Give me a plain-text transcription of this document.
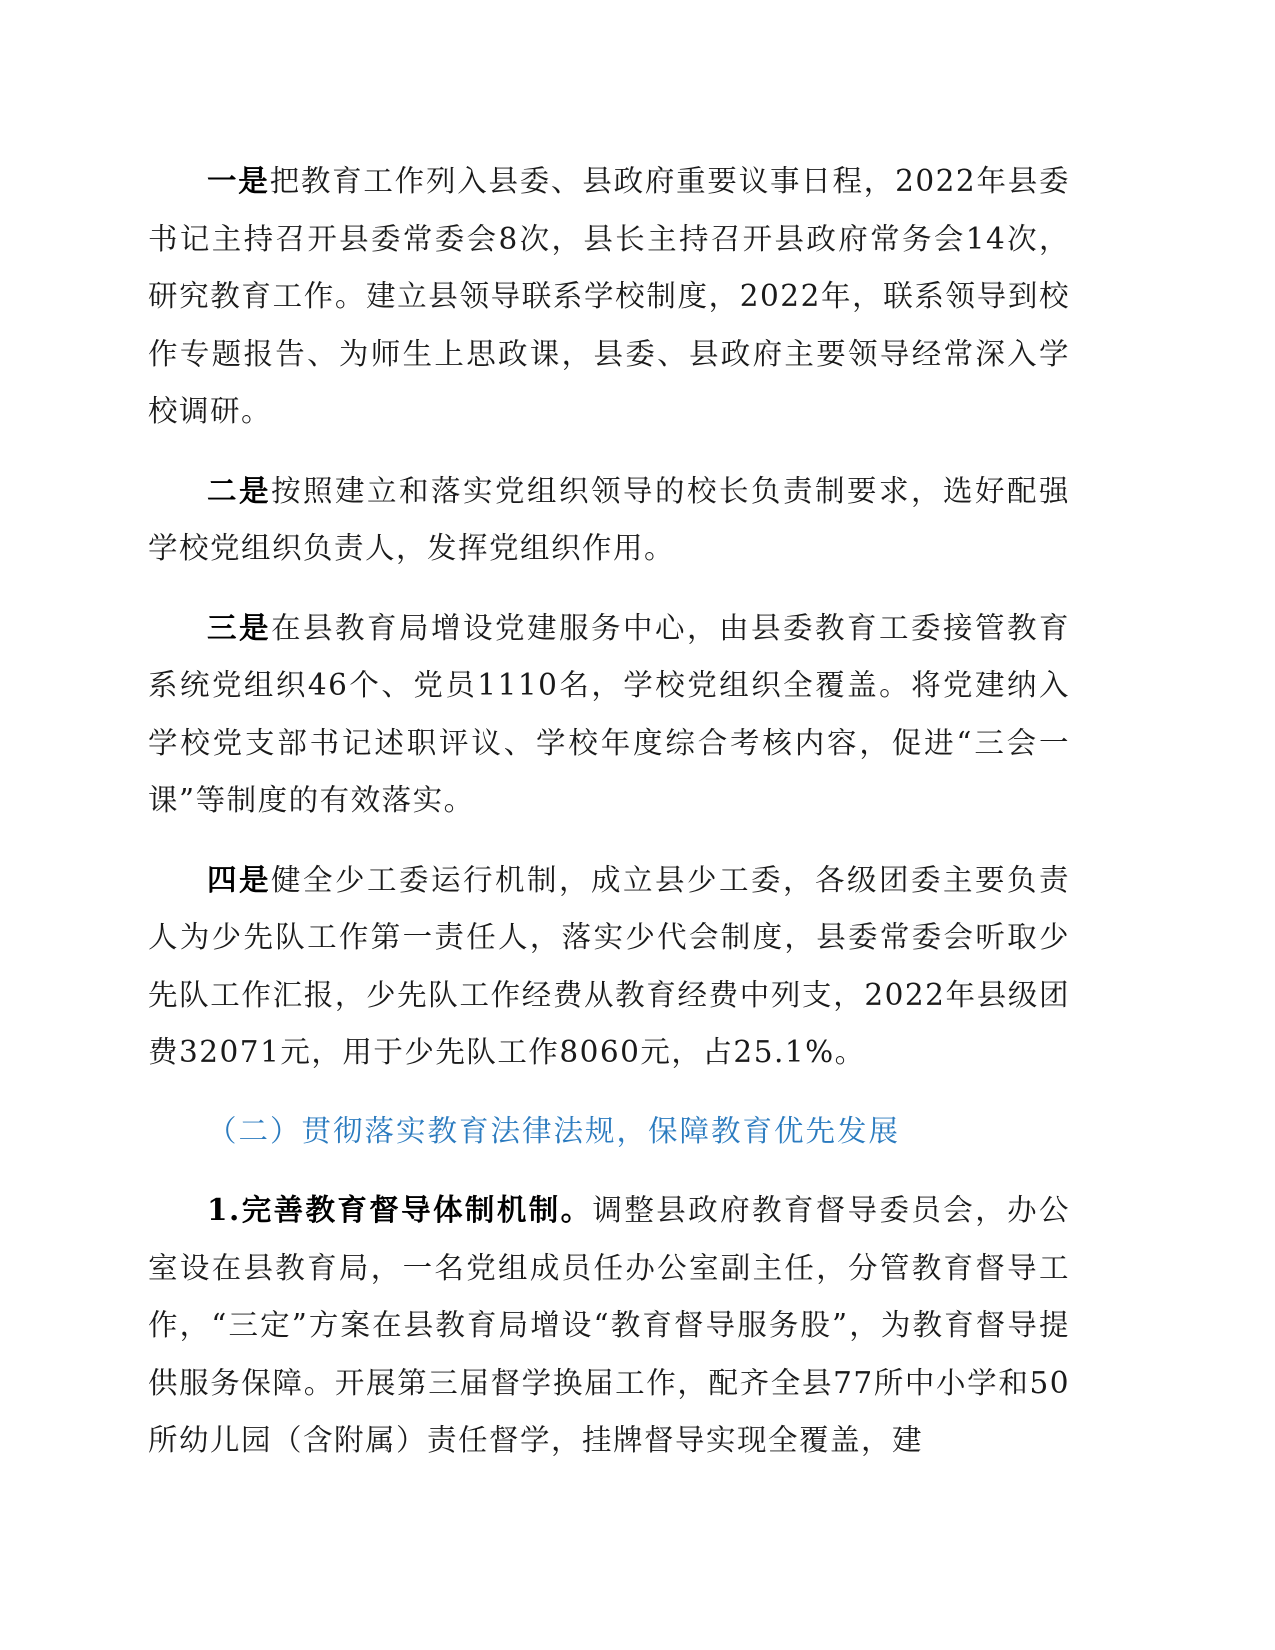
一是把教育工作列入县委、县政府重要议事日程，2022年县委书记主持召开县委常委会8次，县长主持召开县政府常务会14次，研究教育工作。建立县领导联系学校制度，2022年，联系领导到校作专题报告、为师生上思政课，县委、县政府主要领导经常深入学校调研。

二是按照建立和落实党组织领导的校长负责制要求，选好配强学校党组织负责人，发挥党组织作用。

三是在县教育局增设党建服务中心，由县委教育工委接管教育系统党组织46个、党员1110名，学校党组织全覆盖。将党建纳入学校党支部书记述职评议、学校年度综合考核内容，促进“三会一课”等制度的有效落实。

四是健全少工委运行机制，成立县少工委，各级团委主要负责人为少先队工作第一责任人，落实少代会制度，县委常委会听取少先队工作汇报，少先队工作经费从教育经费中列支，2022年县级团费32071元，用于少先队工作8060元，占25.1%。

（二）贯彻落实教育法律法规，保障教育优先发展

1.完善教育督导体制机制。调整县政府教育督导委员会，办公室设在县教育局，一名党组成员任办公室副主任，分管教育督导工作，“三定”方案在县教育局增设“教育督导服务股”，为教育督导提供服务保障。开展第三届督学换届工作，配齐全县77所中小学和50所幼儿园（含附属）责任督学，挂牌督导实现全覆盖，建
